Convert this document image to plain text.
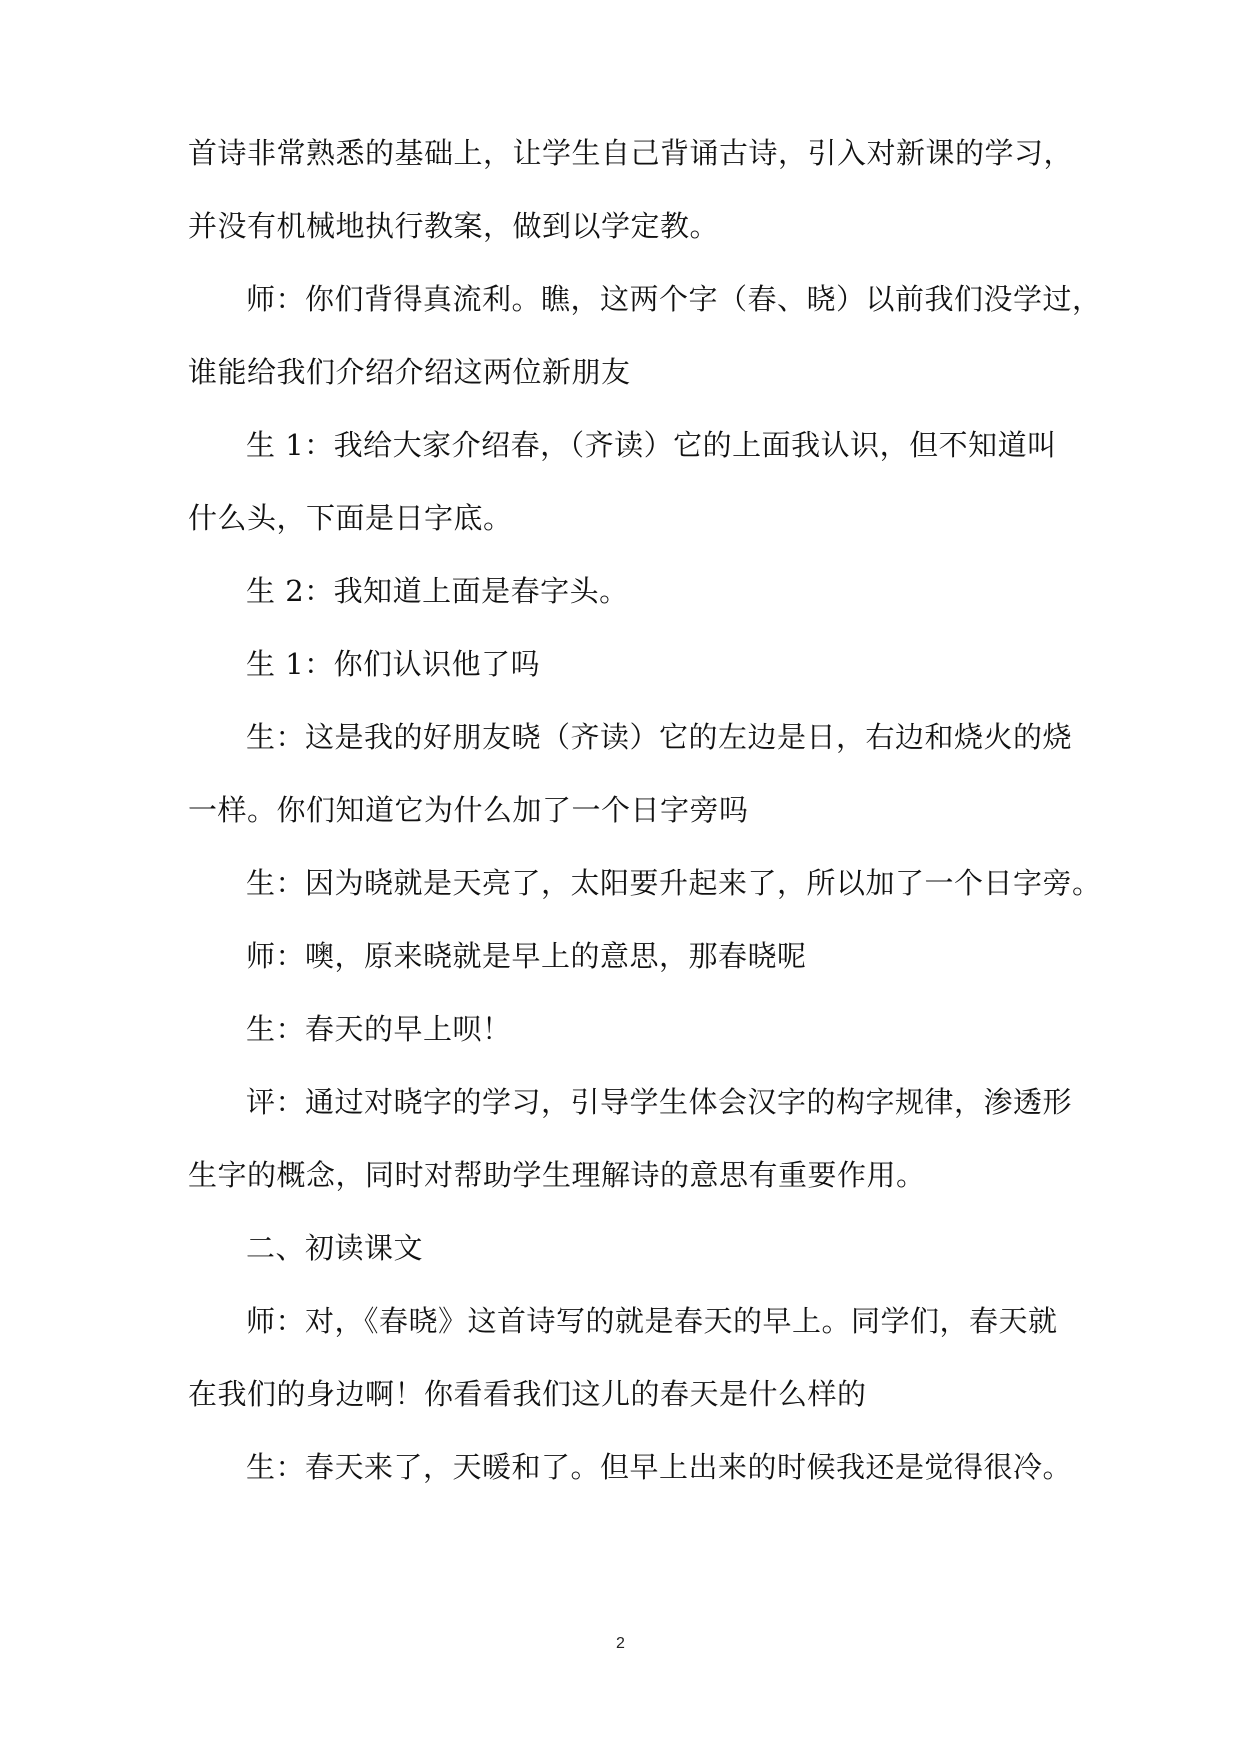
首诗非常熟悉的基础上，让学生自己背诵古诗，引入对新课的学习，
并没有机械地执行教案，做到以学定教。
师：你们背得真流利。瞧，这两个字（春、晓）以前我们没学过，
谁能给我们介绍介绍这两位新朋友
生 1：我给大家介绍春，（齐读）它的上面我认识，但不知道叫
什么头，下面是日字底。
生 2：我知道上面是春字头。
生 1：你们认识他了吗
生：这是我的好朋友晓（齐读）它的左边是日，右边和烧火的烧
一样。你们知道它为什么加了一个日字旁吗
生：因为晓就是天亮了，太阳要升起来了，所以加了一个日字旁。
师：噢，原来晓就是早上的意思，那春晓呢
生：春天的早上呗！
评：通过对晓字的学习，引导学生体会汉字的构字规律，渗透形
生字的概念，同时对帮助学生理解诗的意思有重要作用。
二、初读课文
师：对，《春晓》这首诗写的就是春天的早上。同学们，春天就
在我们的身边啊！你看看我们这儿的春天是什么样的
生：春天来了，天暖和了。但早上出来的时候我还是觉得很冷。
2
